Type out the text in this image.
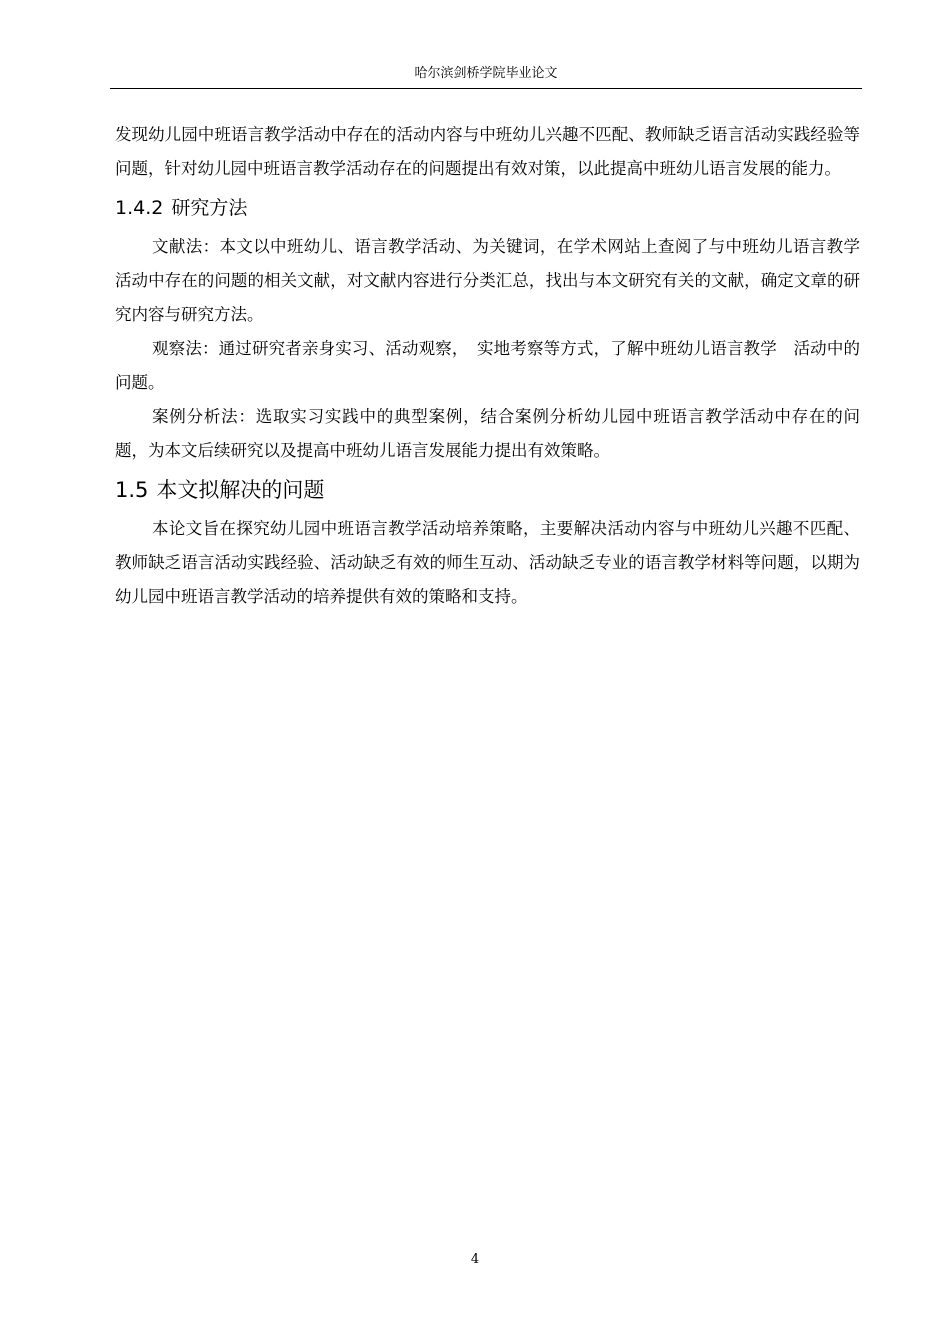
哈尔滨剑桥学院毕业论文

发现幼儿园中班语言教学活动中存在的活动内容与中班幼儿兴趣不匹配、教师缺乏语言活动实践经验等问题，针对幼儿园中班语言教学活动存在的问题提出有效对策，以此提高中班幼儿语言发展的能力。

1.4.2 研究方法

文献法：本文以中班幼儿、语言教学活动、为关键词，在学术网站上查阅了与中班幼儿语言教学活动中存在的问题的相关文献，对文献内容进行分类汇总，找出与本文研究有关的文献，确定文章的研究内容与研究方法。

观察法：通过研究者亲身实习、活动观察，　实地考察等方式，了解中班幼儿语言教学　活动中的问题。

案例分析法：选取实习实践中的典型案例，结合案例分析幼儿园中班语言教学活动中存在的问题，为本文后续研究以及提高中班幼儿语言发展能力提出有效策略。

1.5 本文拟解决的问题

本论文旨在探究幼儿园中班语言教学活动培养策略，主要解决活动内容与中班幼儿兴趣不匹配、教师缺乏语言活动实践经验、活动缺乏有效的师生互动、活动缺乏专业的语言教学材料等问题，以期为幼儿园中班语言教学活动的培养提供有效的策略和支持。

4
